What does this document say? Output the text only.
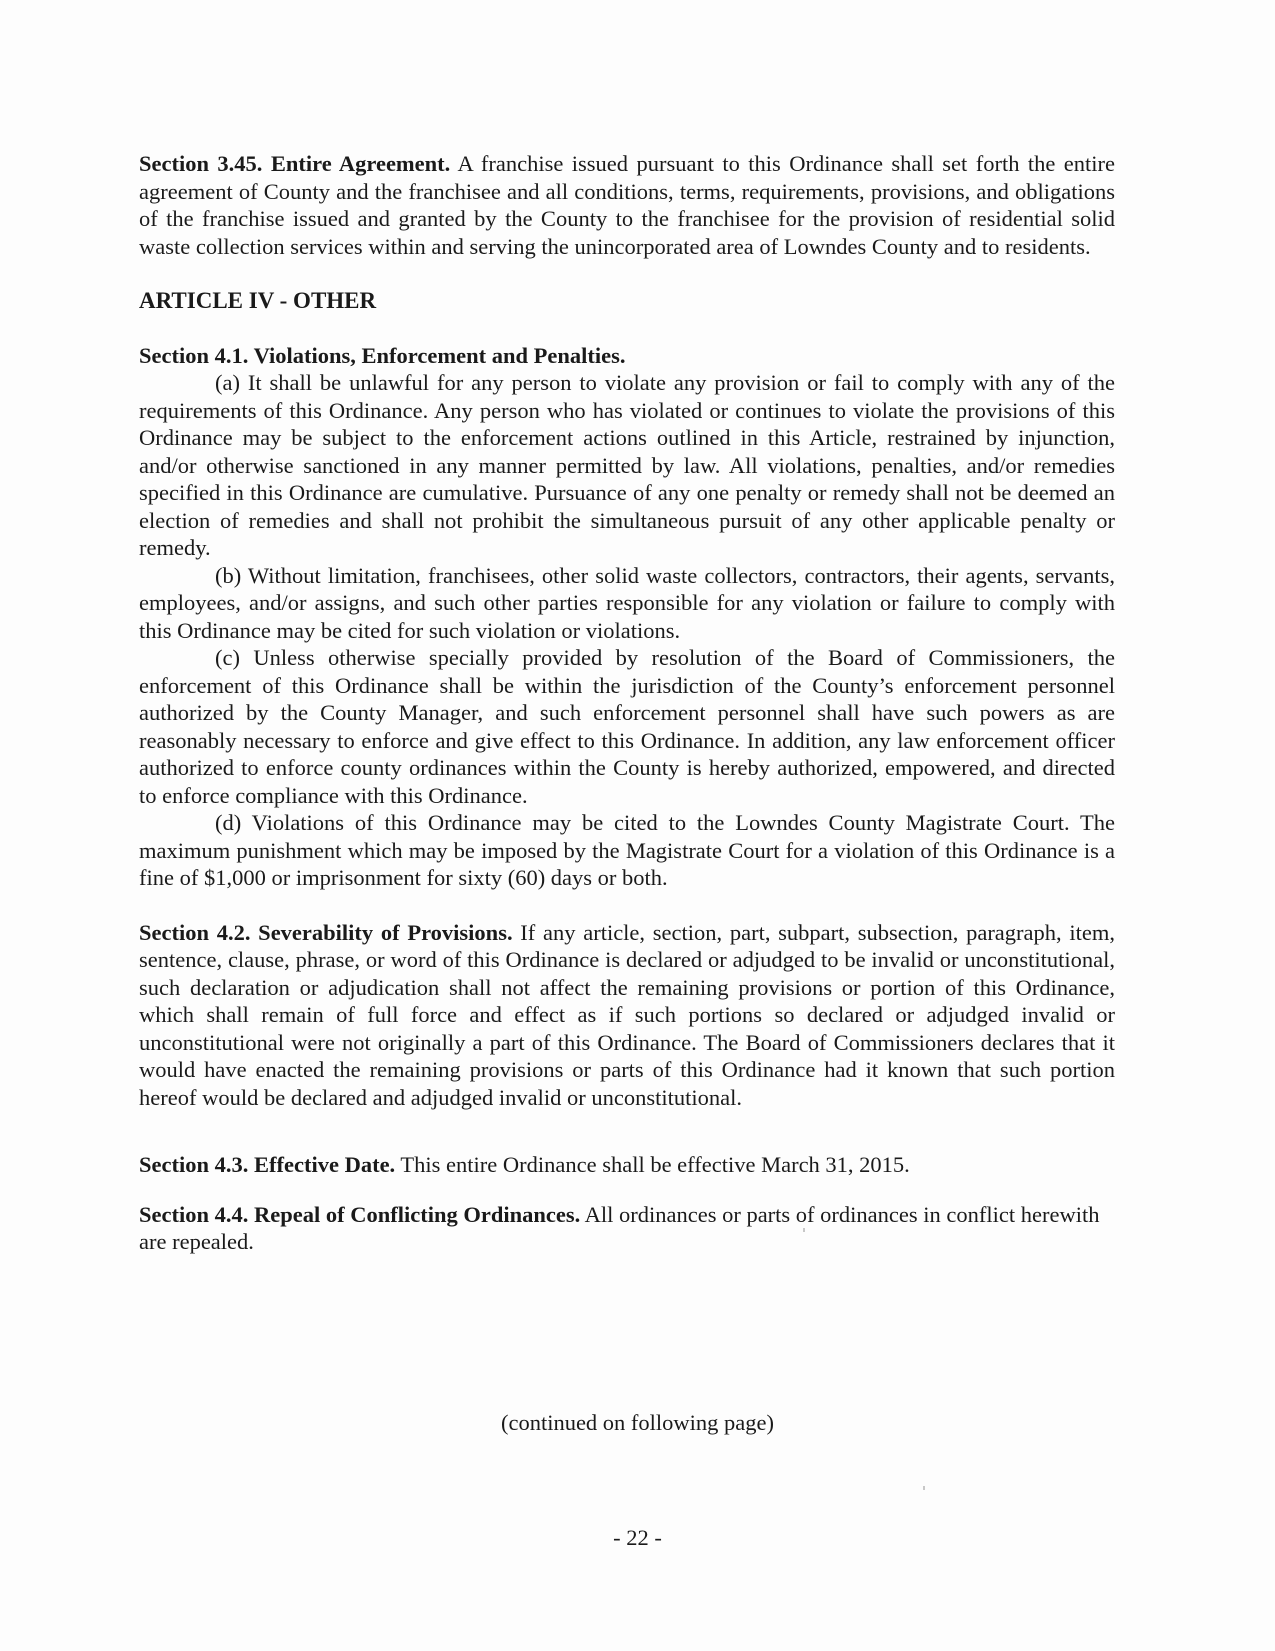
Section 3.45. Entire Agreement. A franchise issued pursuant to this Ordinance shall set forth the entire agreement of County and the franchisee and all conditions, terms, requirements, provisions, and obligations of the franchise issued and granted by the County to the franchisee for the provision of residential solid waste collection services within and serving the unincorporated area of Lowndes County and to residents.

ARTICLE IV - OTHER

Section 4.1. Violations, Enforcement and Penalties.

(a) It shall be unlawful for any person to violate any provision or fail to comply with any of the requirements of this Ordinance. Any person who has violated or continues to violate the provisions of this Ordinance may be subject to the enforcement actions outlined in this Article, restrained by injunction, and/or otherwise sanctioned in any manner permitted by law. All violations, penalties, and/or remedies specified in this Ordinance are cumulative. Pursuance of any one penalty or remedy shall not be deemed an election of remedies and shall not prohibit the simultaneous pursuit of any other applicable penalty or remedy.

(b) Without limitation, franchisees, other solid waste collectors, contractors, their agents, servants, employees, and/or assigns, and such other parties responsible for any violation or failure to comply with this Ordinance may be cited for such violation or violations.

(c) Unless otherwise specially provided by resolution of the Board of Commissioners, the enforcement of this Ordinance shall be within the jurisdiction of the County’s enforcement personnel authorized by the County Manager, and such enforcement personnel shall have such powers as are reasonably necessary to enforce and give effect to this Ordinance. In addition, any law enforcement officer authorized to enforce county ordinances within the County is hereby authorized, empowered, and directed to enforce compliance with this Ordinance.

(d) Violations of this Ordinance may be cited to the Lowndes County Magistrate Court. The maximum punishment which may be imposed by the Magistrate Court for a violation of this Ordinance is a fine of $1,000 or imprisonment for sixty (60) days or both.

Section 4.2. Severability of Provisions. If any article, section, part, subpart, subsection, paragraph, item, sentence, clause, phrase, or word of this Ordinance is declared or adjudged to be invalid or unconstitutional, such declaration or adjudication shall not affect the remaining provisions or portion of this Ordinance, which shall remain of full force and effect as if such portions so declared or adjudged invalid or unconstitutional were not originally a part of this Ordinance. The Board of Commissioners declares that it would have enacted the remaining provisions or parts of this Ordinance had it known that such portion hereof would be declared and adjudged invalid or unconstitutional.

Section 4.3. Effective Date. This entire Ordinance shall be effective March 31, 2015.

Section 4.4. Repeal of Conflicting Ordinances. All ordinances or parts of ordinances in conflict herewith are repealed.

(continued on following page)

- 22 -
